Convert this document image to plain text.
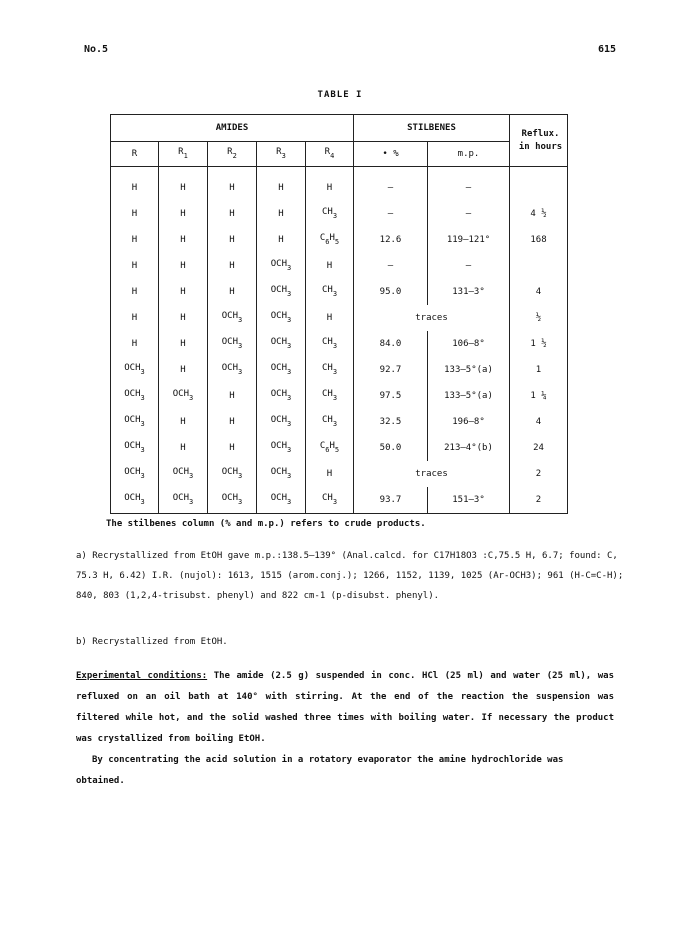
No.5	615
TABLE I
AMIDES					STILBENES		Reflux. in hours
R	$R_1$	$R_2$	$R_3$	$R_4$	• %	m.p.	
H	H	H	H	H	—	—	
H	H	H	H	$CH_3$	—	—	4 ½
H	H	H	H	$C_6H_5$	12.6	119–121°	168
H	H	H	$OCH_3$	H	—	—	
H	H	H	$OCH_3$	$CH_3$	95.0	131–3°	4
H	H	$OCH_3$	$OCH_3$	H	traces		½
H	H	$OCH_3$	$OCH_3$	$CH_3$	84.0	106–8°	1 ½
$OCH_3$	H	$OCH_3$	$OCH_3$	$CH_3$	92.7	133–5°(a)	1
$OCH_3$	$OCH_3$	H	$OCH_3$	$CH_3$	97.5	133–5°(a)	1 ¼
$OCH_3$	H	H	$OCH_3$	$CH_3$	32.5	196–8°	4
$OCH_3$	H	H	$OCH_3$	$C_6H_5$	50.0	213–4°(b)	24
$OCH_3$	$OCH_3$	$OCH_3$	$OCH_3$	H	traces		2
$OCH_3$	$OCH_3$	$OCH_3$	$OCH_3$	$CH_3$	93.7	151–3°	2
The stilbenes column (% and m.p.) refers to crude products.
a) Recrystallized from EtOH gave m.p.:138.5–139° (Anal.calcd. for C17H18O3 :C,75.5 H, 6.7; found: C, 75.3 H, 6.42) I.R. (nujol): 1613, 1515 (arom.conj.); 1266, 1152, 1139, 1025 (Ar-OCH3); 961 (H-C=C-H); 840, 803 (1,2,4-trisubst. phenyl) and 822 cm-1 (p-disubst. phenyl).
b) Recrystallized from EtOH.
Experimental conditions: The amide (2.5 g) suspended in conc. HCl (25 ml) and water (25 ml), was refluxed on an oil bath at 140° with stirring. At the end of the reaction the suspension was filtered while hot, and the solid washed three times with boiling water. If necessary the product was crystallized from boiling EtOH.
By concentrating the acid solution in a rotatory evaporator the amine hydrochloride was obtained.
